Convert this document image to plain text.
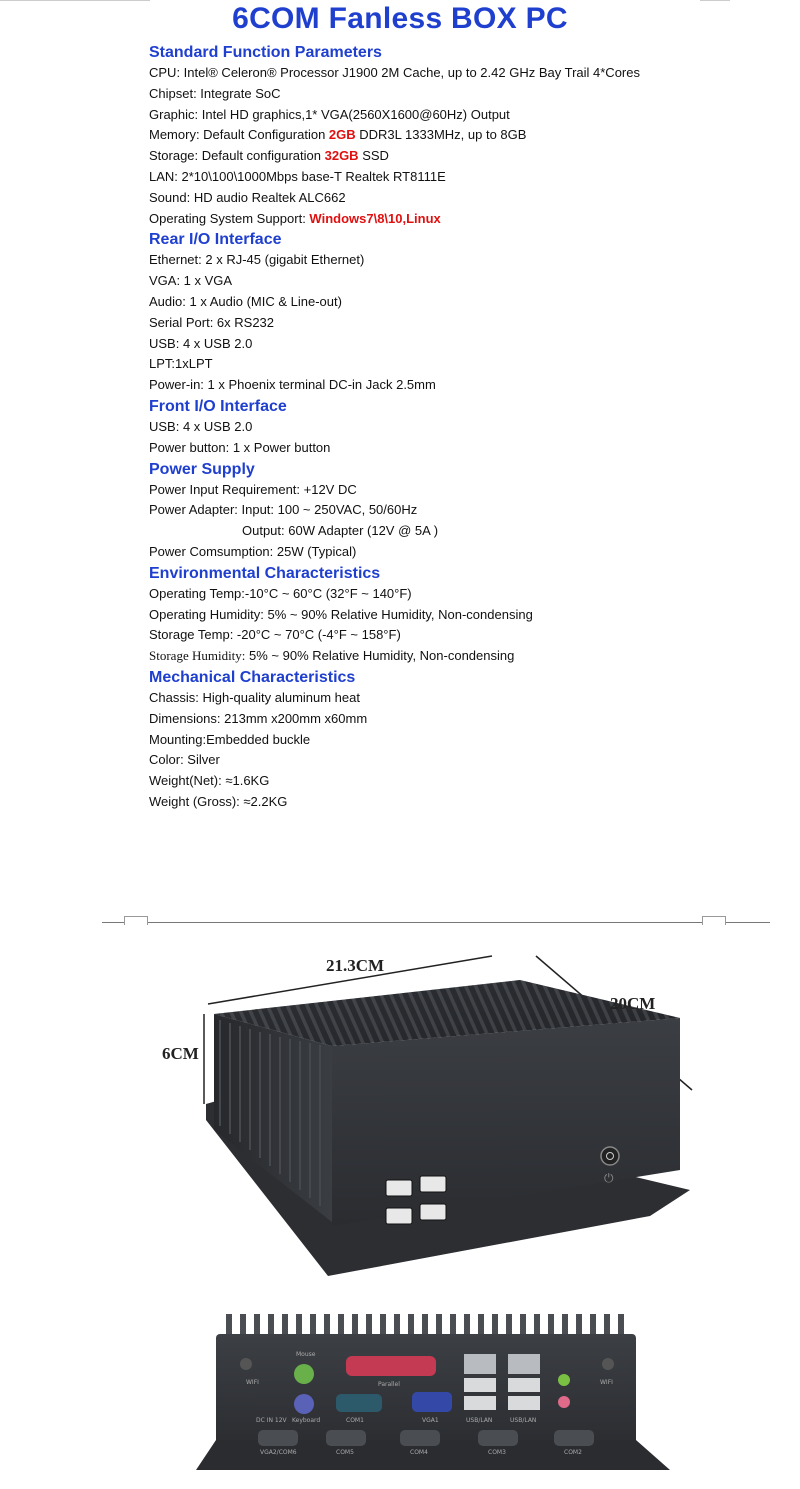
6COM Fanless BOX PC
Standard Function Parameters
CPU: Intel® Celeron® Processor J1900 2M Cache, up to 2.42 GHz Bay Trail 4*Cores
Chipset: Integrate SoC
Graphic: Intel HD graphics,1* VGA(2560X1600@60Hz) Output
Memory: Default Configuration 2GB DDR3L 1333MHz, up to 8GB
Storage: Default configuration 32GB SSD
LAN: 2*10\100\1000Mbps base-T Realtek RT8111E
Sound: HD audio Realtek ALC662
Operating System Support: Windows7\8\10,Linux
Rear I/O Interface
Ethernet: 2 x RJ-45 (gigabit Ethernet)
VGA: 1 x VGA
Audio: 1 x Audio (MIC & Line-out)
Serial Port: 6x RS232
USB: 4 x USB 2.0
LPT:1xLPT
Power-in: 1 x Phoenix terminal DC-in Jack 2.5mm
Front I/O Interface
USB: 4 x USB 2.0
Power button: 1 x Power button
Power Supply
Power Input Requirement: +12V DC
Power Adapter: Input: 100 ~ 250VAC, 50/60Hz
Output: 60W Adapter (12V @ 5A )
Power Comsumption: 25W (Typical)
Environmental Characteristics
Operating Temp:-10°C ~ 60°C (32°F ~ 140°F)
Operating Humidity: 5% ~ 90% Relative Humidity, Non-condensing
Storage Temp: -20°C ~ 70°C (-4°F ~ 158°F)
Storage Humidity: 5% ~ 90% Relative Humidity, Non-condensing
Mechanical Characteristics
Chassis: High-quality aluminum heat
Dimensions: 213mm x200mm x60mm
Mounting:Embedded buckle
Color: Silver
Weight(Net): ≈1.6KG
Weight (Gross): ≈2.2KG
⏻
21.3CM
20CM
6CM
Mouse
Parallel
DC IN 12V Keyboard	COM1	VGA1	USB/LAN	USB/LAN
WIFI	WIFI
VGA2/COM6	COM5	COM4	COM3	COM2
